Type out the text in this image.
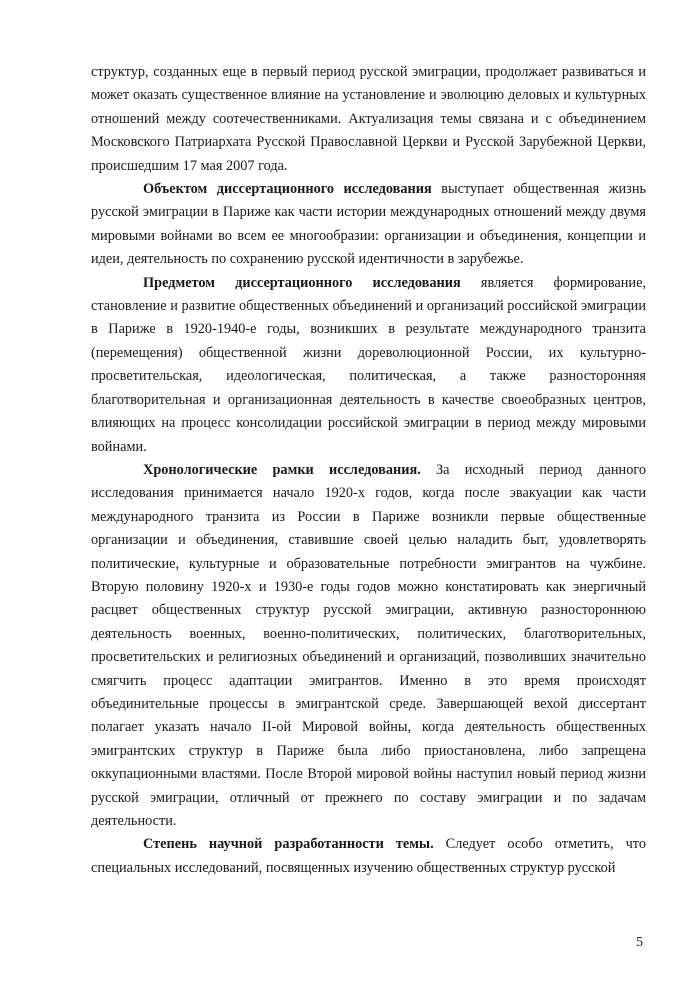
структур, созданных еще в первый период русской эмиграции, продолжает развиваться и может оказать существенное влияние на установление и эволюцию деловых и культурных отношений между соотечественниками. Актуализация темы связана и с объединением Московского Патриархата Русской Православной Церкви и Русской Зарубежной Церкви, происшедшим 17 мая 2007 года.

Объектом диссертационного исследования выступает общественная жизнь русской эмиграции в Париже как части истории международных отношений между двумя мировыми войнами во всем ее многообразии: организации и объединения, концепции и идеи, деятельность по сохранению русской идентичности в зарубежье.

Предметом диссертационного исследования является формирование, становление и развитие общественных объединений и организаций российской эмиграции в Париже в 1920-1940-е годы, возникших в результате международного транзита (перемещения) общественной жизни дореволюционной России, их культурно-просветительская, идеологическая, политическая, а также разносторонняя благотворительная и организационная деятельность в качестве своеобразных центров, влияющих на процесс консолидации российской эмиграции в период между мировыми войнами.

Хронологические рамки исследования. За исходный период данного исследования принимается начало 1920-х годов, когда после эвакуации как части международного транзита из России в Париже возникли первые общественные организации и объединения, ставившие своей целью наладить быт, удовлетворять политические, культурные и образовательные потребности эмигрантов на чужбине. Вторую половину 1920-х и 1930-е годы годов можно констатировать как энергичный расцвет общественных структур русской эмиграции, активную разностороннюю деятельность военных, военно-политических, политических, благотворительных, просветительских и религиозных объединений и организаций, позволивших значительно смягчить процесс адаптации эмигрантов. Именно в это время происходят объединительные процессы в эмигрантской среде. Завершающей вехой диссертант полагает указать начало II-ой Мировой войны, когда деятельность общественных эмигрантских структур в Париже была либо приостановлена, либо запрещена оккупационными властями. После Второй мировой войны наступил новый период жизни русской эмиграции, отличный от прежнего по составу эмиграции и по задачам деятельности.

Степень научной разработанности темы. Следует особо отметить, что специальных исследований, посвященных изучению общественных структур русской

5
